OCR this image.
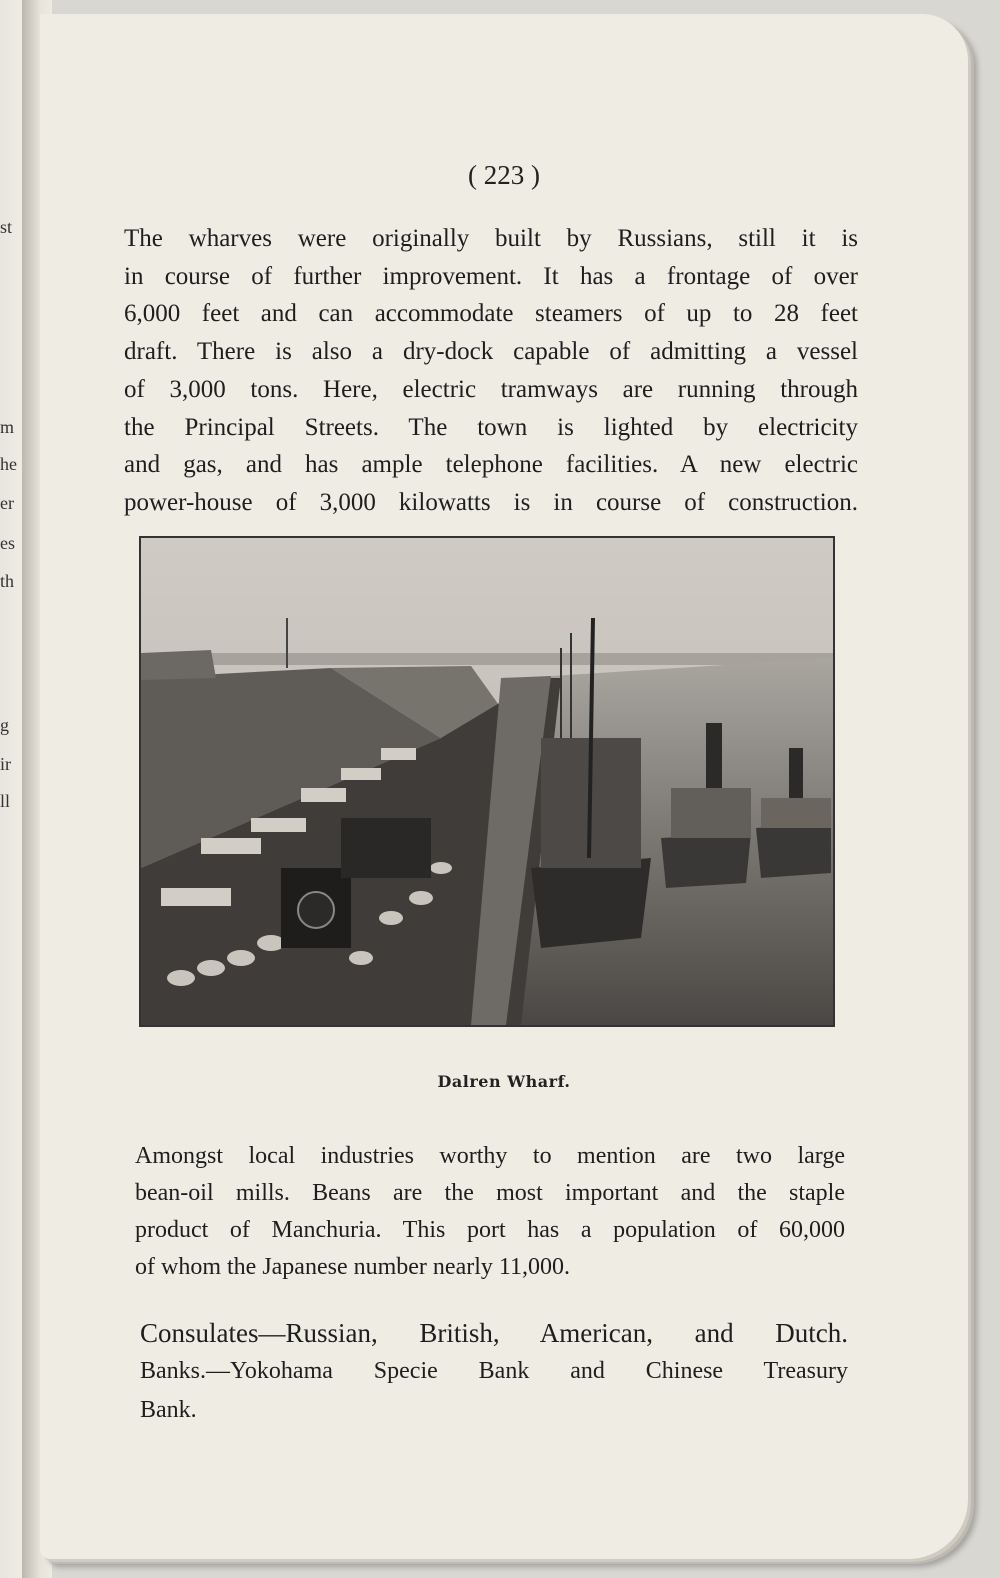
st
m
he
er
es
th
g
ir
ll
( 223 )
The wharves were originally built by Russians, still it is
in course of further improvement. It has a frontage of over
6,000 feet and can accommodate steamers of up to 28 feet
draft. There is also a dry-dock capable of admitting a vessel
of 3,000 tons. Here, electric tramways are running through
the Principal Streets. The town is lighted by electricity
and gas, and has ample telephone facilities. A new electric
power-house of 3,000 kilowatts is in course of construction.
Dalren Wharf.
Amongst local industries worthy to mention are two large
bean-oil mills. Beans are the most important and the staple
product of Manchuria. This port has a population of 60,000
of whom the Japanese number nearly 11,000.
Consulates—Russian, British, American, and Dutch.
Banks.—Yokohama Specie Bank and Chinese Treasury
Bank.
